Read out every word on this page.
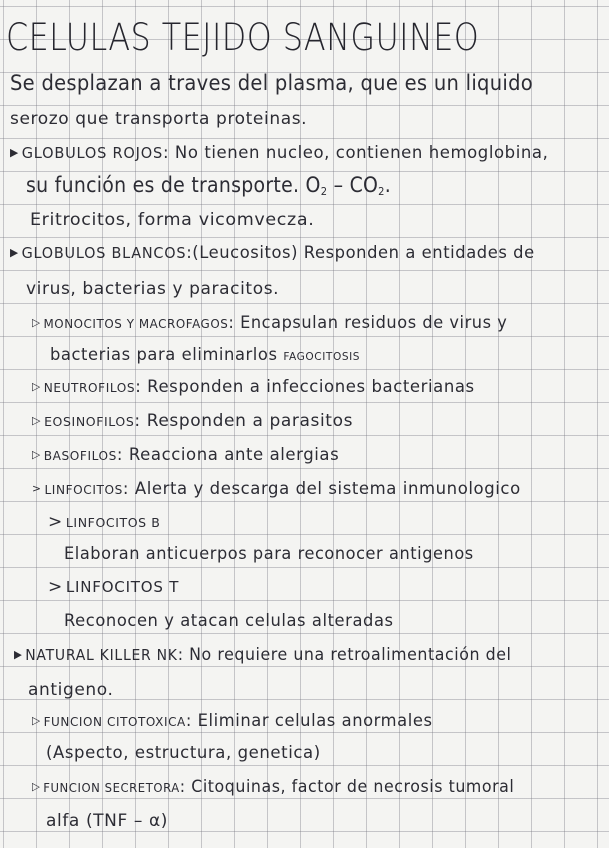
CELULAS TEJIDO SANGUINEO
Se desplazan a traves del plasma, que es un liquido
serozo que transporta proteinas.
▶ GLOBULOS ROJOS: No tienen nucleo, contienen hemoglobina,
su función es de transporte. $O_2 - CO_2$.
Eritrocitos, forma vicomvecza.
▶ GLOBULOS BLANCOS:(Leucositos) Responden a entidades de
virus, bacterias y paracitos.
▷ MONOCITOS Y MACROFAGOS: Encapsulan residuos de virus y
bacterias para eliminarlos FAGOCITOSIS
▷ NEUTROFILOS: Responden a infecciones bacterianas
▷ EOSINOFILOS: Responden a parasitos
▷ BASOFILOS: Reacciona ante alergias
> LINFOCITOS: Alerta y descarga del sistema inmunologico
> LINFOCITOS B
Elaboran anticuerpos para reconocer antigenos
> LINFOCITOS T
Reconocen y atacan celulas alteradas
▶ NATURAL KILLER NK: No requiere una retroalimentación del
antigeno.
▷ FUNCION CITOTOXICA: Eliminar celulas anormales
(Aspecto, estructura, genetica)
▷ FUNCION SECRETORA: Citoquinas, factor de necrosis tumoral
alfa (TNF – α)
